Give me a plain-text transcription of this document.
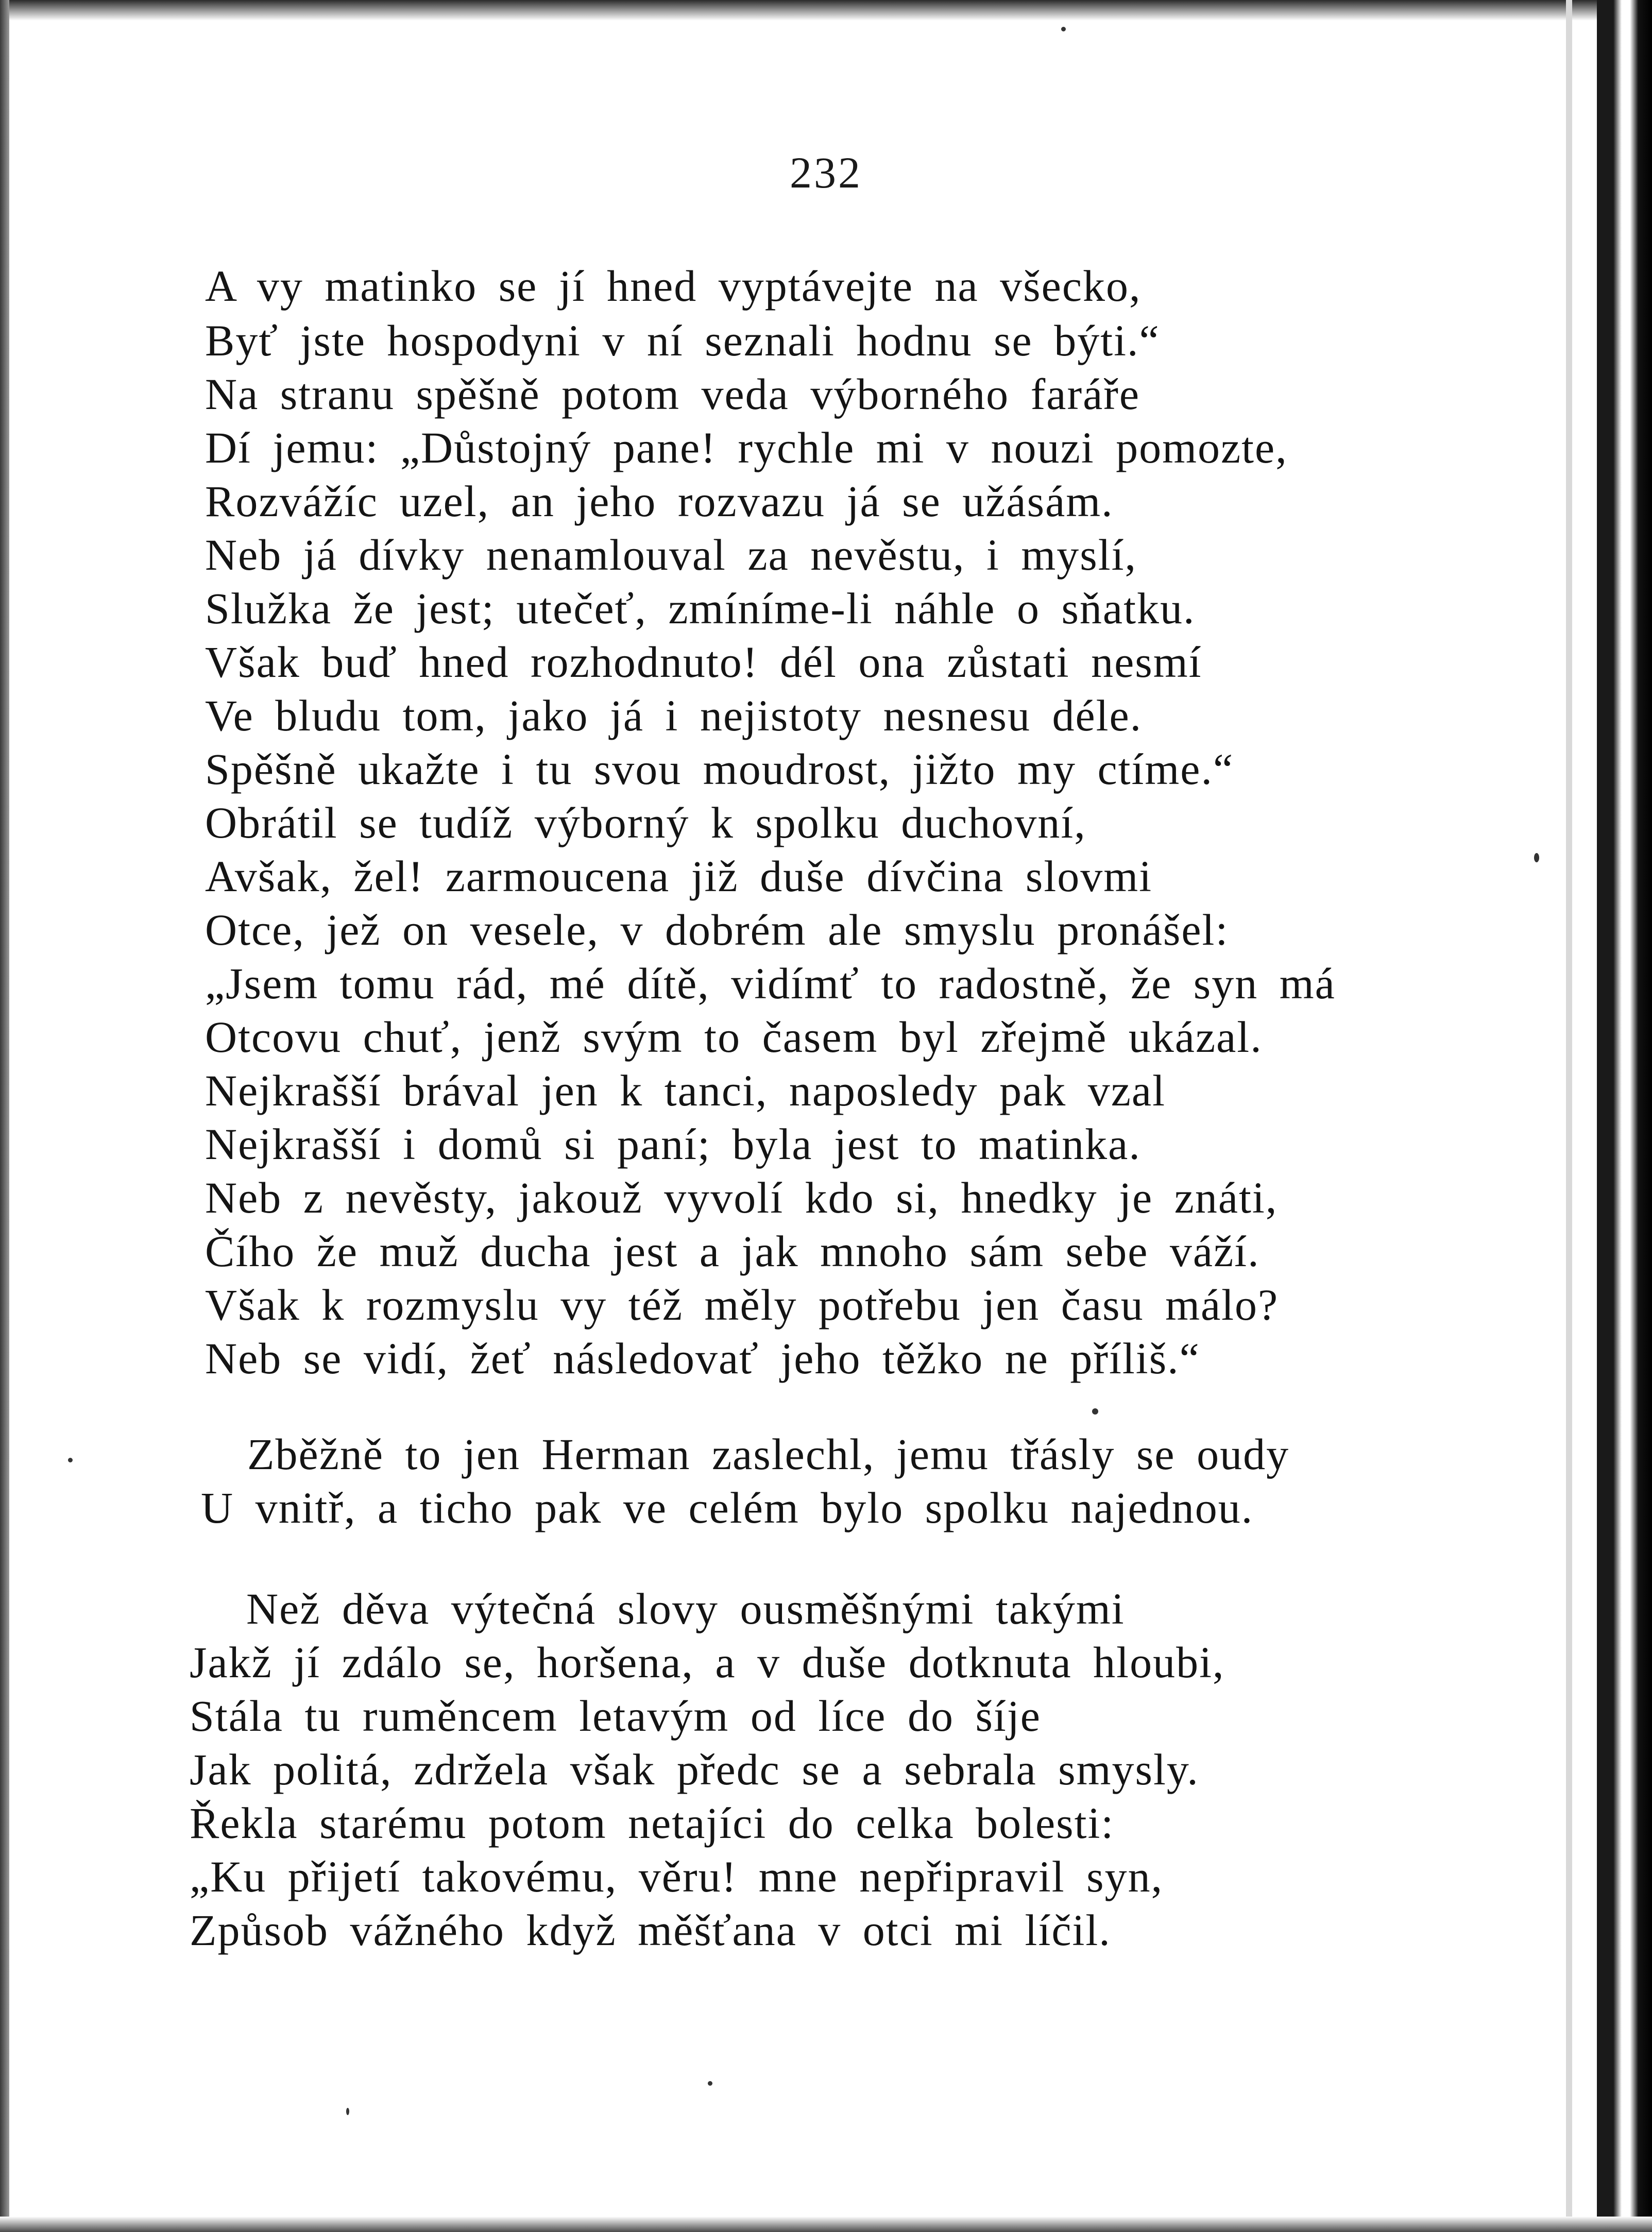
232
A vy matinko se jí hned vyptávejte na všecko,
Byť jste hospodyni v ní seznali hodnu se býti.“
Na stranu spěšně potom veda výborného faráře
Dí jemu: „Důstojný pane! rychle mi v nouzi pomozte,
Rozvážíc uzel, an jeho rozvazu já se užásám.
Neb já dívky nenamlouval za nevěstu, i myslí,
Služka že jest; utečeť, zmíníme-li náhle o sňatku.
Však buď hned rozhodnuto! dél ona zůstati nesmí
Ve bludu tom, jako já i nejistoty nesnesu déle.
Spěšně ukažte i tu svou moudrost, jižto my ctíme.“
Obrátil se tudíž výborný k spolku duchovní,
Avšak, žel! zarmoucena již duše dívčina slovmi
Otce, jež on vesele, v dobrém ale smyslu pronášel:
„Jsem tomu rád, mé dítě, vidímť to radostně, že syn má
Otcovu chuť, jenž svým to časem byl zřejmě ukázal.
Nejkrašší brával jen k tanci, naposledy pak vzal
Nejkrašší i domů si paní; byla jest to matinka.
Neb z nevěsty, jakouž vyvolí kdo si, hnedky je znáti,
Čího že muž ducha jest a jak mnoho sám sebe váží.
Však k rozmyslu vy též měly potřebu jen času málo?
Neb se vidí, žeť následovať jeho těžko ne příliš.“
Zběžně to jen Herman zaslechl, jemu třásly se oudy
U vnitř, a ticho pak ve celém bylo spolku najednou.
Než děva výtečná slovy ousměšnými takými
Jakž jí zdálo se, horšena, a v duše dotknuta hloubi,
Stála tu ruměncem letavým od líce do šíje
Jak politá, zdržela však předc se a sebrala smysly.
Řekla starému potom netajíci do celka bolesti:
„Ku přijetí takovému, věru! mne nepřipravil syn,
Způsob vážného když měšťana v otci mi líčil.
